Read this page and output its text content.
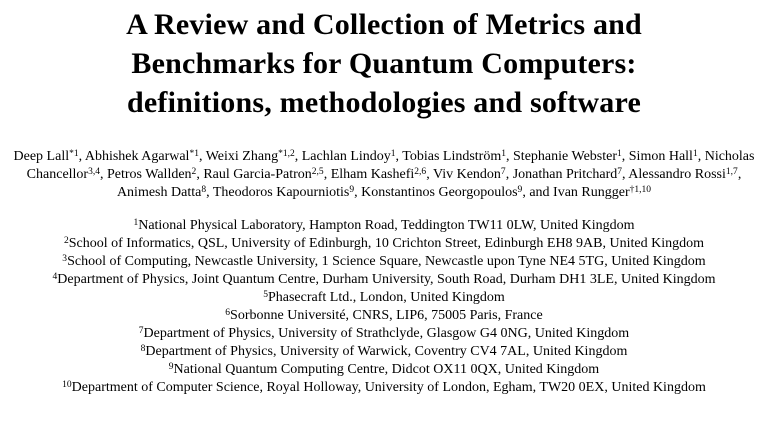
A Review and Collection of Metrics and
Benchmarks for Quantum Computers:
definitions, methodologies and software

Deep Lall$^{*1}$, Abhishek Agarwal$^{*1}$, Weixi Zhang$^{*1,2}$, Lachlan Lindoy$^1$, Tobias Lindström$^1$, Stephanie Webster$^1$, Simon Hall$^1$, Nicholas Chancellor$^{3,4}$, Petros Wallden$^2$, Raul Garcia-Patron$^{2,5}$, Elham Kashefi$^{2,6}$, Viv Kendon$^7$, Jonathan Pritchard$^7$, Alessandro Rossi$^{1,7}$, Animesh Datta$^8$, Theodoros Kapourniotis$^9$, Konstantinos Georgopoulos$^9$, and Ivan Rungger$^{\dagger 1,10}$

$^1$National Physical Laboratory, Hampton Road, Teddington TW11 0LW, United Kingdom
$^2$School of Informatics, QSL, University of Edinburgh, 10 Crichton Street, Edinburgh EH8 9AB, United Kingdom
$^3$School of Computing, Newcastle University, 1 Science Square, Newcastle upon Tyne NE4 5TG, United Kingdom
$^4$Department of Physics, Joint Quantum Centre, Durham University, South Road, Durham DH1 3LE, United Kingdom
$^5$Phasecraft Ltd., London, United Kingdom
$^6$Sorbonne Université, CNRS, LIP6, 75005 Paris, France
$^7$Department of Physics, University of Strathclyde, Glasgow G4 0NG, United Kingdom
$^8$Department of Physics, University of Warwick, Coventry CV4 7AL, United Kingdom
$^9$National Quantum Computing Centre, Didcot OX11 0QX, United Kingdom
$^{10}$Department of Computer Science, Royal Holloway, University of London, Egham, TW20 0EX, United Kingdom
